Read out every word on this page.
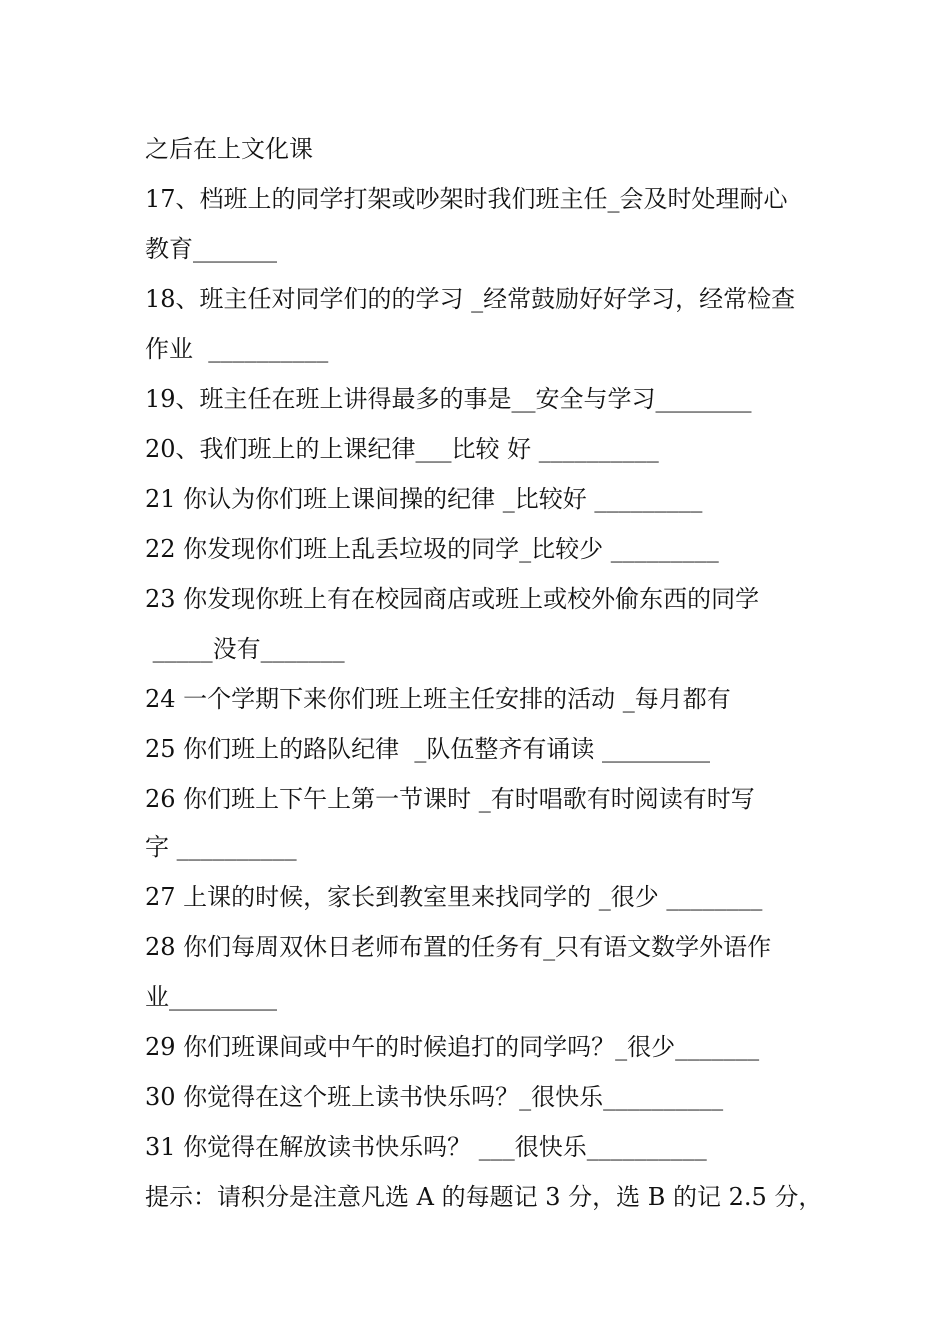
之后在上文化课
17、档班上的同学打架或吵架时我们班主任_会及时处理耐心
教育_______
18、班主任对同学们的的学习 _经常鼓励好好学习，经常检查
作业  __________
19、班主任在班上讲得最多的事是__安全与学习________
20、我们班上的上课纪律___比较 好 __________
21 你认为你们班上课间操的纪律 _比较好 _________
22 你发现你们班上乱丢垃圾的同学_比较少 _________
23 你发现你班上有在校园商店或班上或校外偷东西的同学
_____没有_______
24 一个学期下来你们班上班主任安排的活动 _每月都有
25 你们班上的路队纪律  _队伍整齐有诵读 _________
26 你们班上下午上第一节课时 _有时唱歌有时阅读有时写
字 __________
27 上课的时候，家长到教室里来找同学的 _很少 ________
28 你们每周双休日老师布置的任务有_只有语文数学外语作
业_________
29 你们班课间或中午的时候追打的同学吗？_很少_______
30 你觉得在这个班上读书快乐吗？_很快乐__________
31 你觉得在解放读书快乐吗？ ___很快乐__________
提示：请积分是注意凡选 A 的每题记 3 分，选 B 的记 2.5 分，
